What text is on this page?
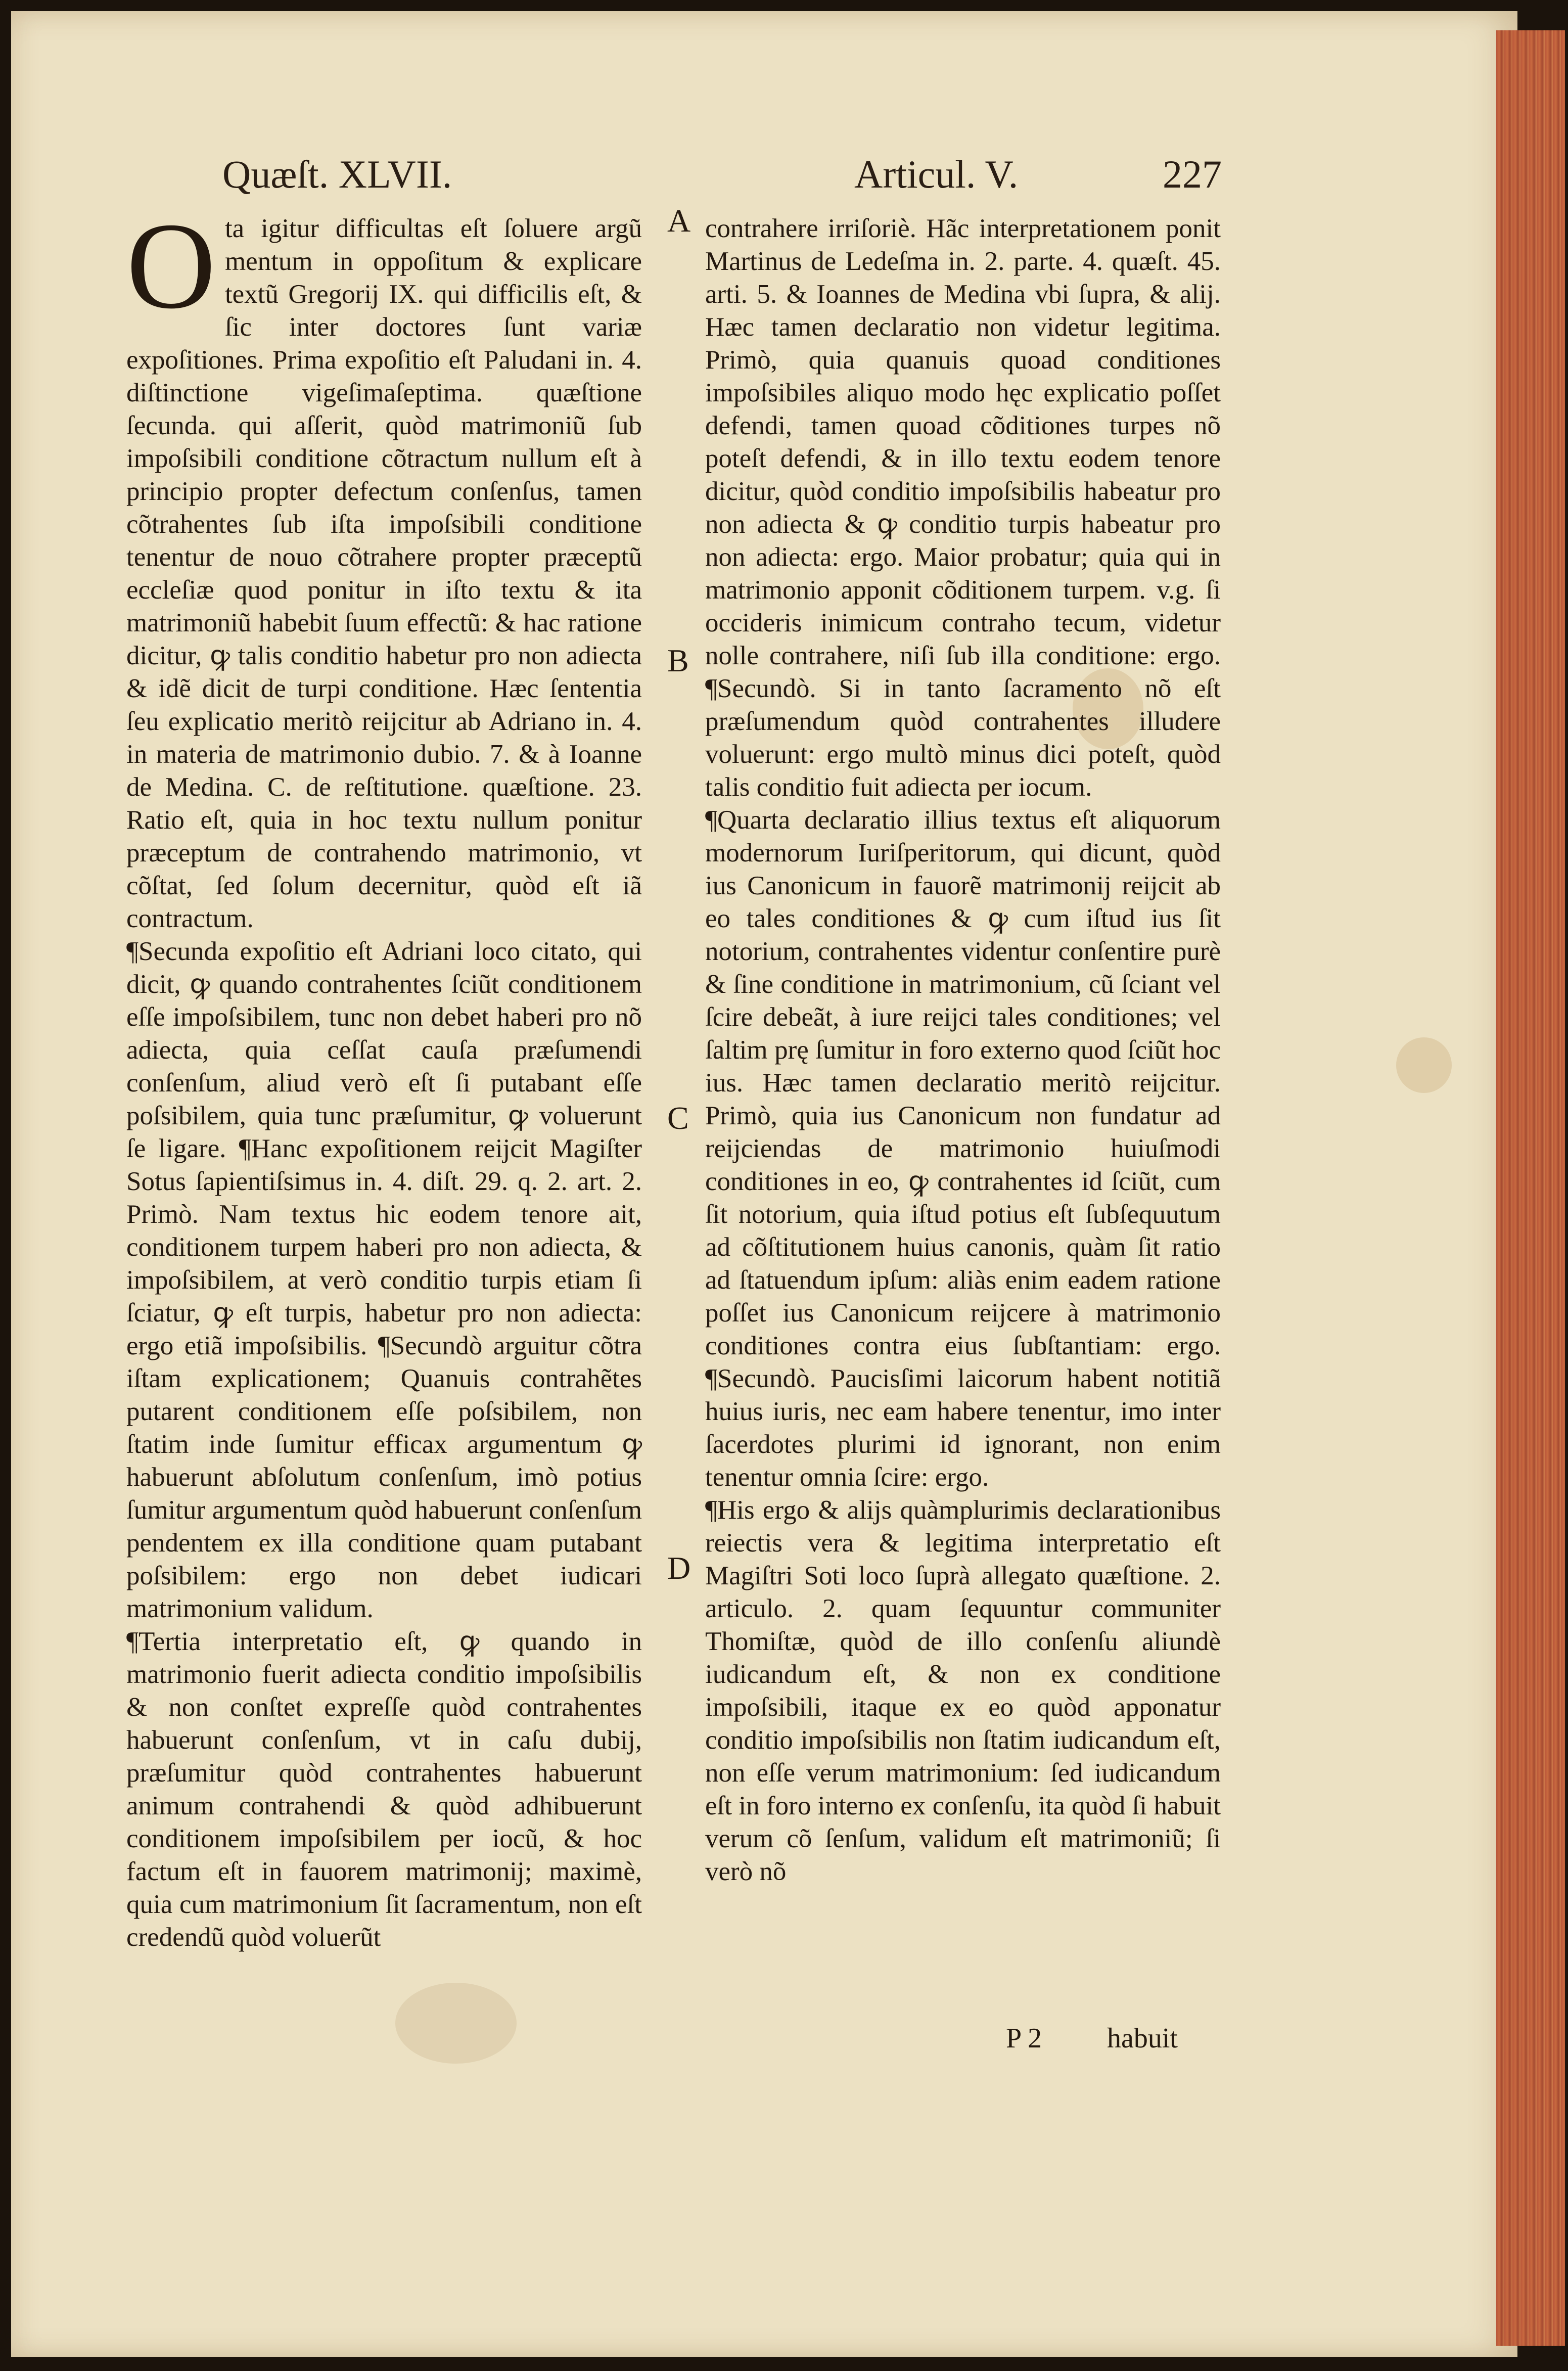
Quæſt. XLVII.	Articul. V.	227

Ota igitur difficultas eſt ſoluere argũ mentum in oppoſitum & explicare textũ Gregorij IX. qui difficilis eſt, & ſic inter doctores ſunt variæ expoſitiones. Prima expoſitio eſt Paludani in. 4. diſtinctione vigeſimaſeptima. quæſtione ſecunda. qui aſſerit, quòd matrimoniũ ſub impoſsibili conditione cõtractum nullum eſt à principio propter defectum conſenſus, tamen cõtrahentes ſub iſta impoſsibili conditione tenentur de nouo cõtrahere propter præceptũ eccleſiæ quod ponitur in iſto textu & ita matrimoniũ habebit ſuum effectũ: & hac ratione dicitur, ꝙ talis conditio habetur pro non adiecta & idẽ dicit de turpi conditione. Hæc ſententia ſeu explicatio meritò reijcitur ab Adriano in. 4. in materia de matrimonio dubio. 7. & à Ioanne de Medina. C. de reſtitutione. quæſtione. 23. Ratio eſt, quia in hoc textu nullum ponitur præceptum de contrahendo matrimonio, vt cõſtat, ſed ſolum decernitur, quòd eſt iã contractum.

¶Secunda expoſitio eſt Adriani loco citato, qui dicit, ꝙ quando contrahentes ſciũt conditionem eſſe impoſsibilem, tunc non debet haberi pro nõ adiecta, quia ceſſat cauſa præſumendi conſenſum, aliud verò eſt ſi putabant eſſe poſsibilem, quia tunc præſumitur, ꝙ voluerunt ſe ligare. ¶Hanc expoſitionem reijcit Magiſter Sotus ſapientiſsimus in. 4. diſt. 29. q. 2. art. 2. Primò. Nam textus hic eodem tenore ait, conditionem turpem haberi pro non adiecta, & impoſsibilem, at verò conditio turpis etiam ſi ſciatur, ꝙ eſt turpis, habetur pro non adiecta: ergo etiã impoſsibilis. ¶Secundò arguitur cõtra iſtam explicationem; Quanuis contrahẽtes putarent conditionem eſſe poſsibilem, non ſtatim inde ſumitur efficax argumentum ꝙ habuerunt abſolutum conſenſum, imò potius ſumitur argumentum quòd habuerunt conſenſum pendentem ex illa conditione quam putabant poſsibilem: ergo non debet iudicari matrimonium validum.

¶Tertia interpretatio eſt, ꝙ quando in matrimonio fuerit adiecta conditio impoſsibilis & non conſtet expreſſe quòd contrahentes habuerunt conſenſum, vt in caſu dubij, præſumitur quòd contrahentes habuerunt animum contrahendi & quòd adhibuerunt conditionem impoſsibilem per iocũ, & hoc factum eſt in fauorem matrimonij; maximè, quia cum matrimonium ſit ſacramentum, non eſt credendũ quòd voluerũt

A
B
C
D

contrahere irriſoriè. Hãc interpretationem ponit Martinus de Ledeſma in. 2. parte. 4. quæſt. 45. arti. 5. & Ioannes de Medina vbi ſupra, & alij. Hæc tamen declaratio non videtur legitima. Primò, quia quanuis quoad conditiones impoſsibiles aliquo modo hęc explicatio poſſet defendi, tamen quoad cõditiones turpes nõ poteſt defendi, & in illo textu eodem tenore dicitur, quòd conditio impoſsibilis habeatur pro non adiecta & ꝙ conditio turpis habeatur pro non adiecta: ergo. Maior probatur; quia qui in matrimonio apponit cõditionem turpem. v.g. ſi occideris inimicum contraho tecum, videtur nolle contrahere, niſi ſub illa conditione: ergo. ¶Secundò. Si in tanto ſacramento nõ eſt præſumendum quòd contrahentes illudere voluerunt: ergo multò minus dici poteſt, quòd talis conditio fuit adiecta per iocum.

¶Quarta declaratio illius textus eſt aliquorum modernorum Iuriſperitorum, qui dicunt, quòd ius Canonicum in fauorẽ matrimonij reijcit ab eo tales conditiones & ꝙ cum iſtud ius ſit notorium, contrahentes videntur conſentire purè & ſine conditione in matrimonium, cũ ſciant vel ſcire debeãt, à iure reijci tales conditiones; vel ſaltim prę ſumitur in foro externo quod ſciũt hoc ius. Hæc tamen declaratio meritò reijcitur. Primò, quia ius Canonicum non fundatur ad reijciendas de matrimonio huiuſmodi conditiones in eo, ꝙ contrahentes id ſciũt, cum ſit notorium, quia iſtud potius eſt ſubſequutum ad cõſtitutionem huius canonis, quàm ſit ratio ad ſtatuendum ipſum: aliàs enim eadem ratione poſſet ius Canonicum reijcere à matrimonio conditiones contra eius ſubſtantiam: ergo. ¶Secundò. Paucisſimi laicorum habent notitiã huius iuris, nec eam habere tenentur, imo inter ſacerdotes plurimi id ignorant, non enim tenentur omnia ſcire: ergo.

¶His ergo & alijs quàmplurimis declarationibus reiectis vera & legitima interpretatio eſt Magiſtri Soti loco ſuprà allegato quæſtione. 2. articulo. 2. quam ſequuntur communiter Thomiſtæ, quòd de illo conſenſu aliundè iudicandum eſt, & non ex conditione impoſsibili, itaque ex eo quòd apponatur conditio impoſsibilis non ſtatim iudicandum eſt, non eſſe verum matrimonium: ſed iudicandum eſt in foro interno ex conſenſu, ita quòd ſi habuit verum cõ ſenſum, validum eſt matrimoniũ; ſi verò nõ

P 2 habuit
